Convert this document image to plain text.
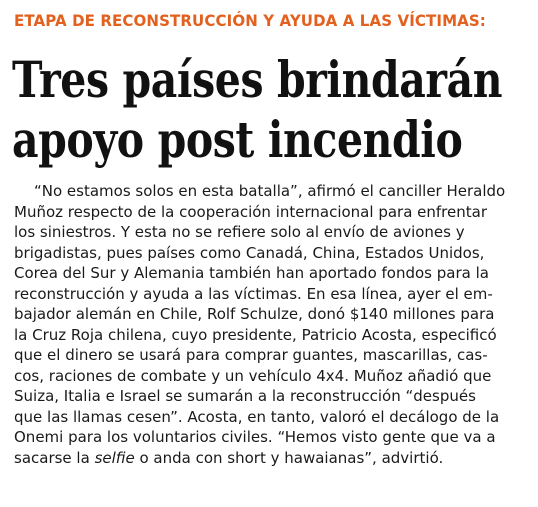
ETAPA DE RECONSTRUCCIÓN Y AYUDA A LAS VÍCTIMAS:
Tres países brindarán
apoyo post incendio
“No estamos solos en esta batalla”, afirmó el canciller Heraldo
Muñoz respecto de la cooperación internacional para enfrentar
los siniestros. Y esta no se refiere solo al envío de aviones y
brigadistas, pues países como Canadá, China, Estados Unidos,
Corea del Sur y Alemania también han aportado fondos para la
reconstrucción y ayuda a las víctimas. En esa línea, ayer el em-
bajador alemán en Chile, Rolf Schulze, donó $140 millones para
la Cruz Roja chilena, cuyo presidente, Patricio Acosta, especificó
que el dinero se usará para comprar guantes, mascarillas, cas-
cos, raciones de combate y un vehículo 4x4. Muñoz añadió que
Suiza, Italia e Israel se sumarán a la reconstrucción “después
que las llamas cesen”. Acosta, en tanto, valoró el decálogo de la
Onemi para los voluntarios civiles. “Hemos visto gente que va a
sacarse la selfie o anda con short y hawaianas”, advirtió.
